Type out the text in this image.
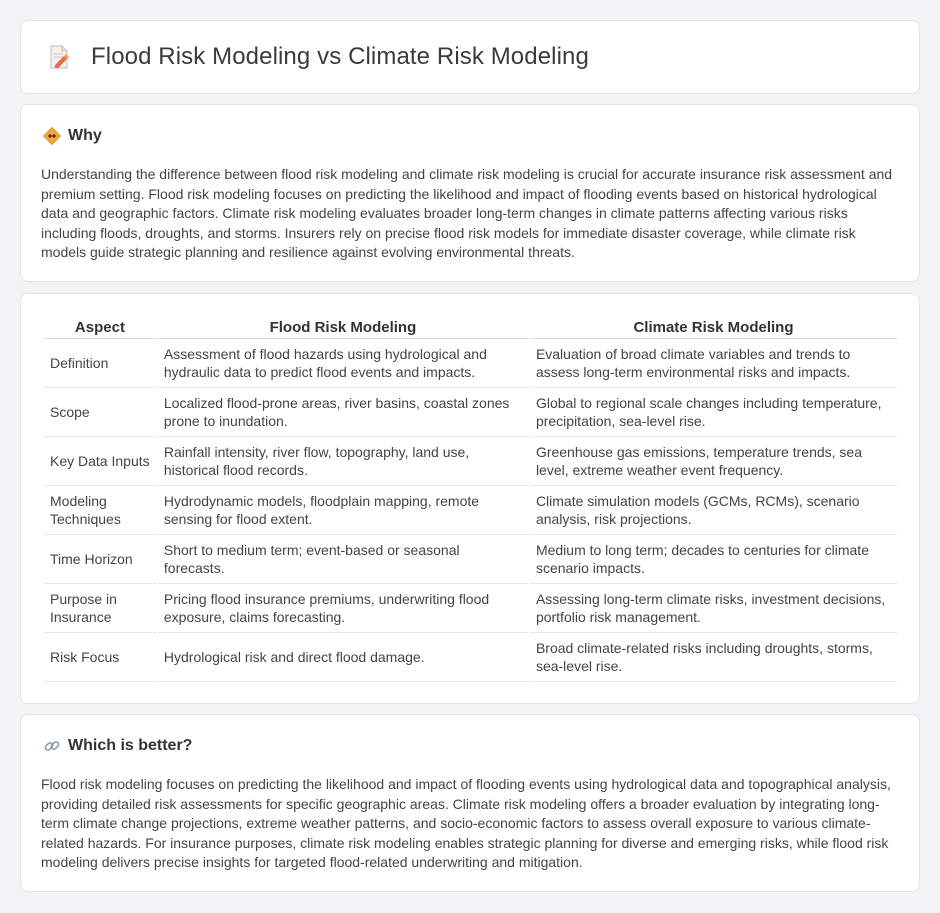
Flood Risk Modeling vs Climate Risk Modeling
Why

Understanding the difference between flood risk modeling and climate risk modeling is crucial for accurate insurance risk assessment and premium setting. Flood risk modeling focuses on predicting the likelihood and impact of flooding events based on historical hydrological data and geographic factors. Climate risk modeling evaluates broader long-term changes in climate patterns affecting various risks including floods, droughts, and storms. Insurers rely on precise flood risk models for immediate disaster coverage, while climate risk models guide strategic planning and resilience against evolving environmental threats.

Aspect	Flood Risk Modeling	Climate Risk Modeling
Definition	Assessment of flood hazards using hydrological and hydraulic data to predict flood events and impacts.	Evaluation of broad climate variables and trends to assess long-term environmental risks and impacts.
Scope	Localized flood-prone areas, river basins, coastal zones prone to inundation.	Global to regional scale changes including temperature, precipitation, sea-level rise.
Key Data Inputs	Rainfall intensity, river flow, topography, land use, historical flood records.	Greenhouse gas emissions, temperature trends, sea level, extreme weather event frequency.
Modeling Techniques	Hydrodynamic models, floodplain mapping, remote sensing for flood extent.	Climate simulation models (GCMs, RCMs), scenario analysis, risk projections.
Time Horizon	Short to medium term; event-based or seasonal forecasts.	Medium to long term; decades to centuries for climate scenario impacts.
Purpose in Insurance	Pricing flood insurance premiums, underwriting flood exposure, claims forecasting.	Assessing long-term climate risks, investment decisions, portfolio risk management.
Risk Focus	Hydrological risk and direct flood damage.	Broad climate-related risks including droughts, storms, sea-level rise.
Which is better?

Flood risk modeling focuses on predicting the likelihood and impact of flooding events using hydrological data and topographical analysis, providing detailed risk assessments for specific geographic areas. Climate risk modeling offers a broader evaluation by integrating long-term climate change projections, extreme weather patterns, and socio-economic factors to assess overall exposure to various climate-related hazards. For insurance purposes, climate risk modeling enables strategic planning for diverse and emerging risks, while flood risk modeling delivers precise insights for targeted flood-related underwriting and mitigation.
